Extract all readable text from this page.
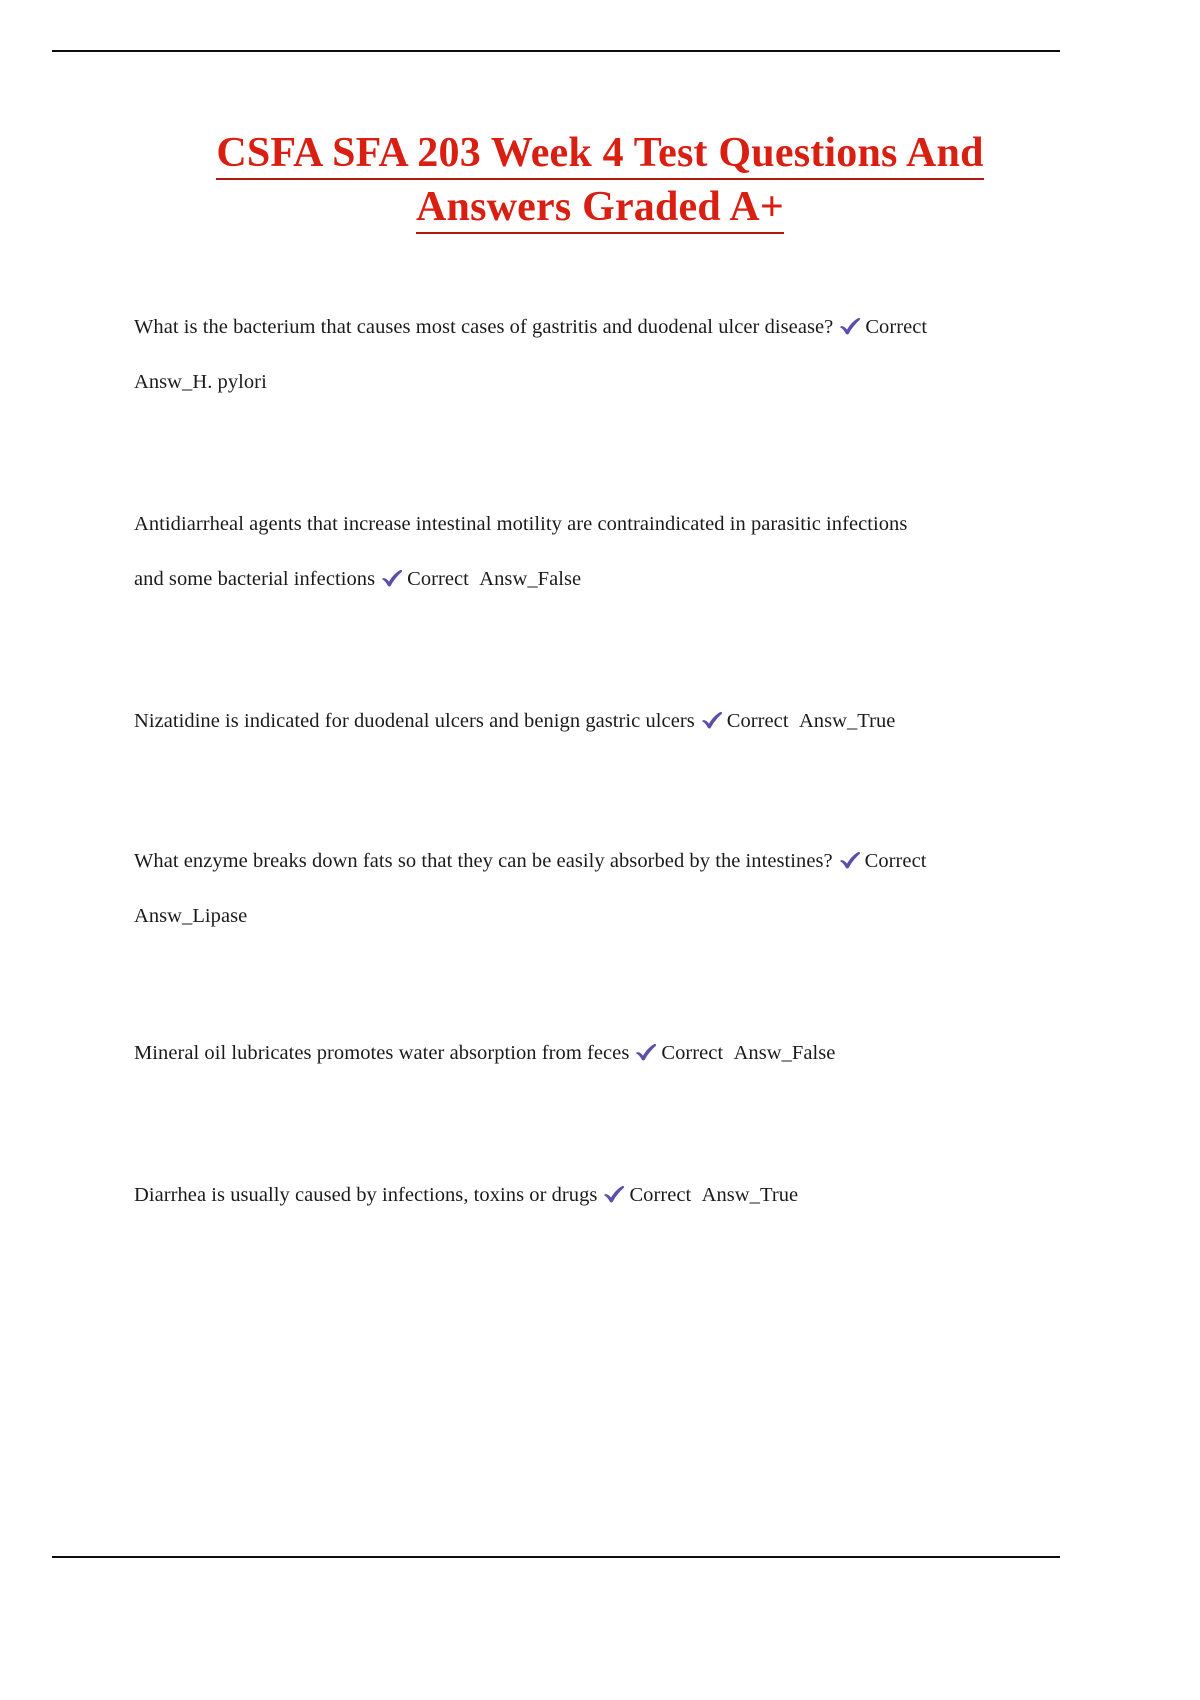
CSFA SFA 203 Week 4 Test Questions And
Answers Graded A+
What is the bacterium that causes most cases of gastritis and duodenal ulcer disease? Correct
Answ_H. pylori
Antidiarrheal agents that increase intestinal motility are contraindicated in parasitic infections
and some bacterial infections Correct Answ_False
Nizatidine is indicated for duodenal ulcers and benign gastric ulcers Correct Answ_True
What enzyme breaks down fats so that they can be easily absorbed by the intestines? Correct
Answ_Lipase
Mineral oil lubricates promotes water absorption from feces Correct Answ_False
Diarrhea is usually caused by infections, toxins or drugs Correct Answ_True
